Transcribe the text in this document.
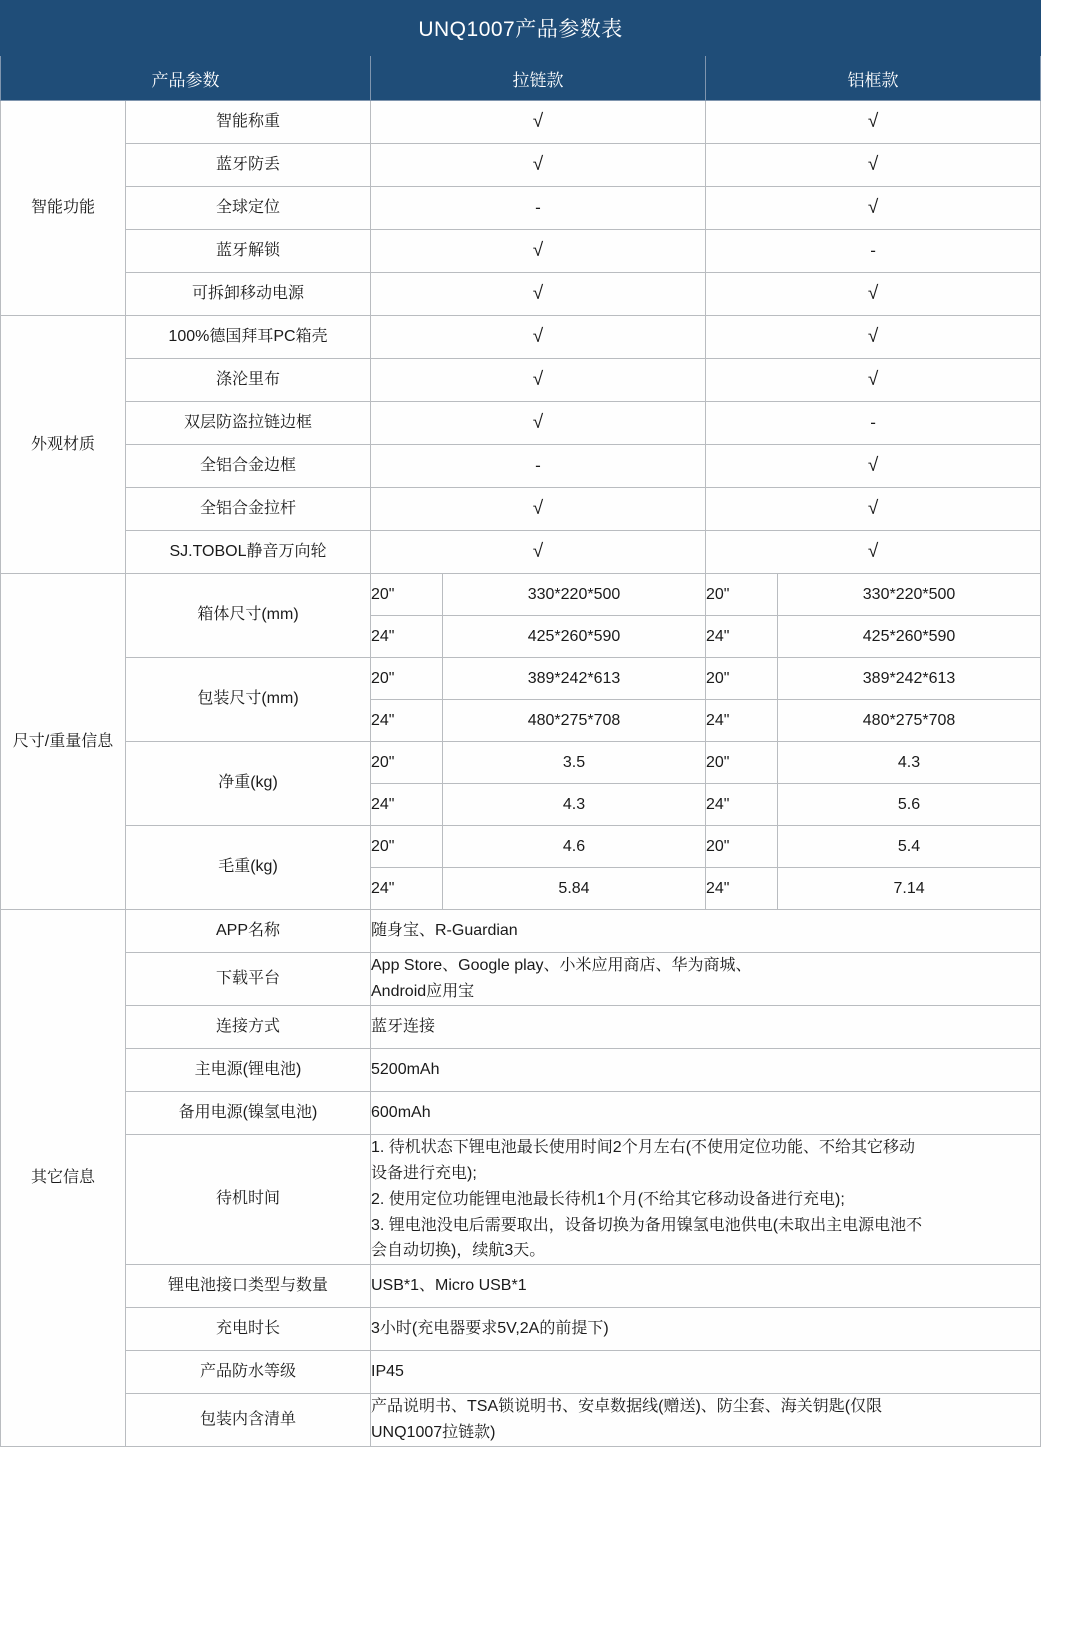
UNQ1007产品参数表					
产品参数		拉链款		铝框款	
智能功能	智能称重	√		√	
	蓝牙防丢	√		√	
	全球定位	-		√	
	蓝牙解锁	√		-	
	可拆卸移动电源	√		√	
外观材质	100%德国拜耳PC箱壳	√		√	
	涤沦里布	√		√	
	双层防盗拉链边框	√		-	
	全铝合金边框	-		√	
	全铝合金拉杆	√		√	
	SJ.TOBOL静音万向轮	√		√	
尺寸/重量信息	箱体尺寸(mm)	20"	330*220*500	20"	330*220*500
		24"	425*260*590	24"	425*260*590
	包装尺寸(mm)	20"	389*242*613	20"	389*242*613
		24"	480*275*708	24"	480*275*708
	净重(kg)	20"	3.5	20"	4.3
		24"	4.3	24"	5.6
	毛重(kg)	20"	4.6	20"	5.4
		24"	5.84	24"	7.14
其它信息	APP名称	随身宝、R-Guardian			
	下载平台	App Store、Google play、小米应用商店、华为商城、
Android应用宝			

	连接方式	蓝牙连接			
	主电源(锂电池)	5200mAh			
	备用电源(镍氢电池)	600mAh			
	待机时间	1. 待机状态下锂电池最长使用时间2个月左右(不使用定位功能、不给其它移动
设备进行充电);
2. 使用定位功能锂电池最长待机1个月(不给其它移动设备进行充电);
3. 锂电池没电后需要取出，设备切换为备用镍氢电池供电(未取出主电源电池不
会自动切换)，续航3天。			

	锂电池接口类型与数量	USB*1、Micro USB*1			
	充电时长	3小时(充电器要求5V,2A的前提下)			
	产品防水等级	IP45			
	包装内含清单	产品说明书、TSA锁说明书、安卓数据线(赠送)、防尘套、海关钥匙(仅限
UNQ1007拉链款)			
